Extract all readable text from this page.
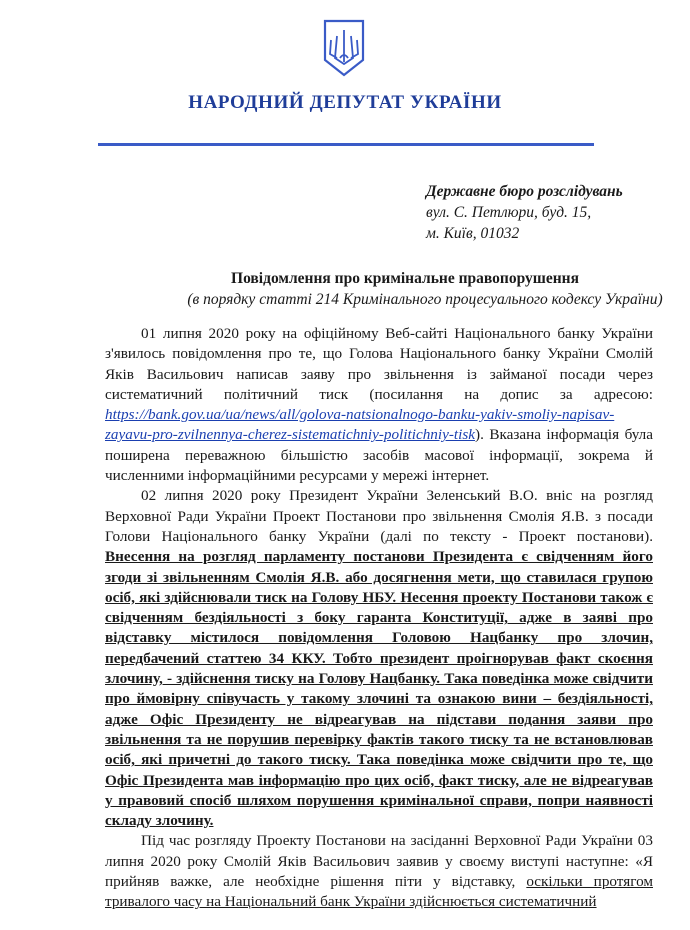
НАРОДНИЙ ДЕПУТАТ УКРАЇНИ
Державне бюро розслідувань
вул. С. Петлюри, буд. 15,
м. Київ, 01032
Повідомлення про кримінальне правопорушення
(в порядку статті 214 Кримінального процесуального кодексу України)

01 липня 2020 року на офіційному Веб-сайті Національного банку України з'явилось повідомлення про те, що Голова Національного банку України Смолій Яків Васильович написав заяву про звільнення із займаної посади через систематичний політичний тиск (посилання на допис за адресою: https://bank.gov.ua/ua/news/all/golova-natsionalnogo-banku-yakiv-smoliy-napisav-zayavu-pro-zvilnennya-cherez-sistematichniy-politichniy-tisk). Вказана інформація була поширена переважною більшістю засобів масової інформації, зокрема й численними інформаційними ресурсами у мережі інтернет.

02 липня 2020 року Президент України Зеленський В.О. вніс на розгляд Верховної Ради України Проект Постанови про звільнення Смолія Я.В. з посади Голови Національного банку України (далі по тексту - Проект постанови). Внесення на розгляд парламенту постанови Президента є свідченням його згоди зі звільненням Смолія Я.В. або досягнення мети, що ставилася групою осіб, які здійснювали тиск на Голову НБУ. Несення проекту Постанови також є свідченням бездіяльності з боку гаранта Конституції, адже в заяві про відставку містилося повідомлення Головою Нацбанку про злочин, передбачений статтею 34 ККУ. Тобто президент проігнорував факт скоєння злочину, - здійснення тиску на Голову Нацбанку. Така поведінка може свідчити про ймовірну співучасть у такому злочині та ознакою вини – бездіяльності, адже Офіс Президенту не відреагував на підстави подання заяви про звільнення та не порушив перевірку фактів такого тиску та не встановлював осіб, які причетні до такого тиску. Така поведінка може свідчити про те, що Офіс Президента мав інформацію про цих осіб, факт тиску, але не відреагував у правовий спосіб шляхом порушення кримінальної справи, попри наявності складу злочину.

Під час розгляду Проекту Постанови на засіданні Верховної Ради України 03 липня 2020 року Смолій Яків Васильович заявив у своєму виступі наступне: «Я прийняв важке, але необхідне рішення піти у відставку, оскільки протягом тривалого часу на Національний банк України здійснюється систематичний
